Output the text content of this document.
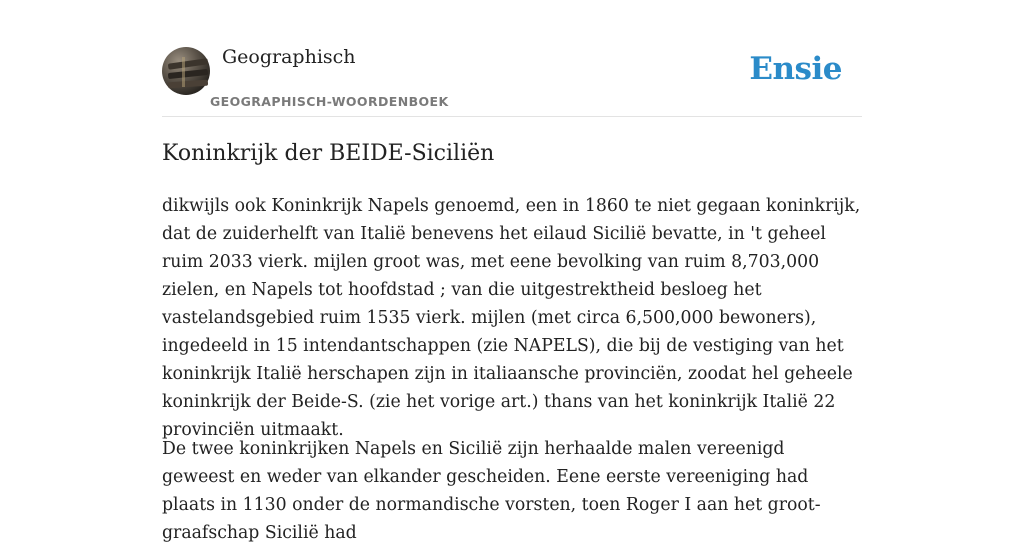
Geographisch
GEOGRAPHISCH-WOORDENBOEK
Ensie
Koninkrijk der BEIDE-Siciliën

dikwijls ook Koninkrijk Napels genoemd, een in 1860 te niet gegaan koninkrijk, dat de zuiderhelft van Italië benevens het eilaud Sicilië bevatte, in 't geheel ruim 2033 vierk. mijlen groot was, met eene bevolking van ruim 8,703,000 zielen, en Napels tot hoofdstad ; van die uitgestrektheid besloeg het vastelandsgebied ruim 1535 vierk. mijlen (met circa 6,500,000 bewoners), ingedeeld in 15 intendantschappen (zie NAPELS), die bij de vestiging van het koninkrijk Italië herschapen zijn in italiaansche provinciën, zoodat hel geheele koninkrijk der Beide-S. (zie het vorige art.) thans van het koninkrijk Italië 22 provinciën uitmaakt.

De twee koninkrijken Napels en Sicilië zijn herhaalde malen vereenigd geweest en weder van elkander gescheiden. Eene eerste vereeniging had plaats in 1130 onder de normandische vorsten, toen Roger I aan het groot-graafschap Sicilië had
